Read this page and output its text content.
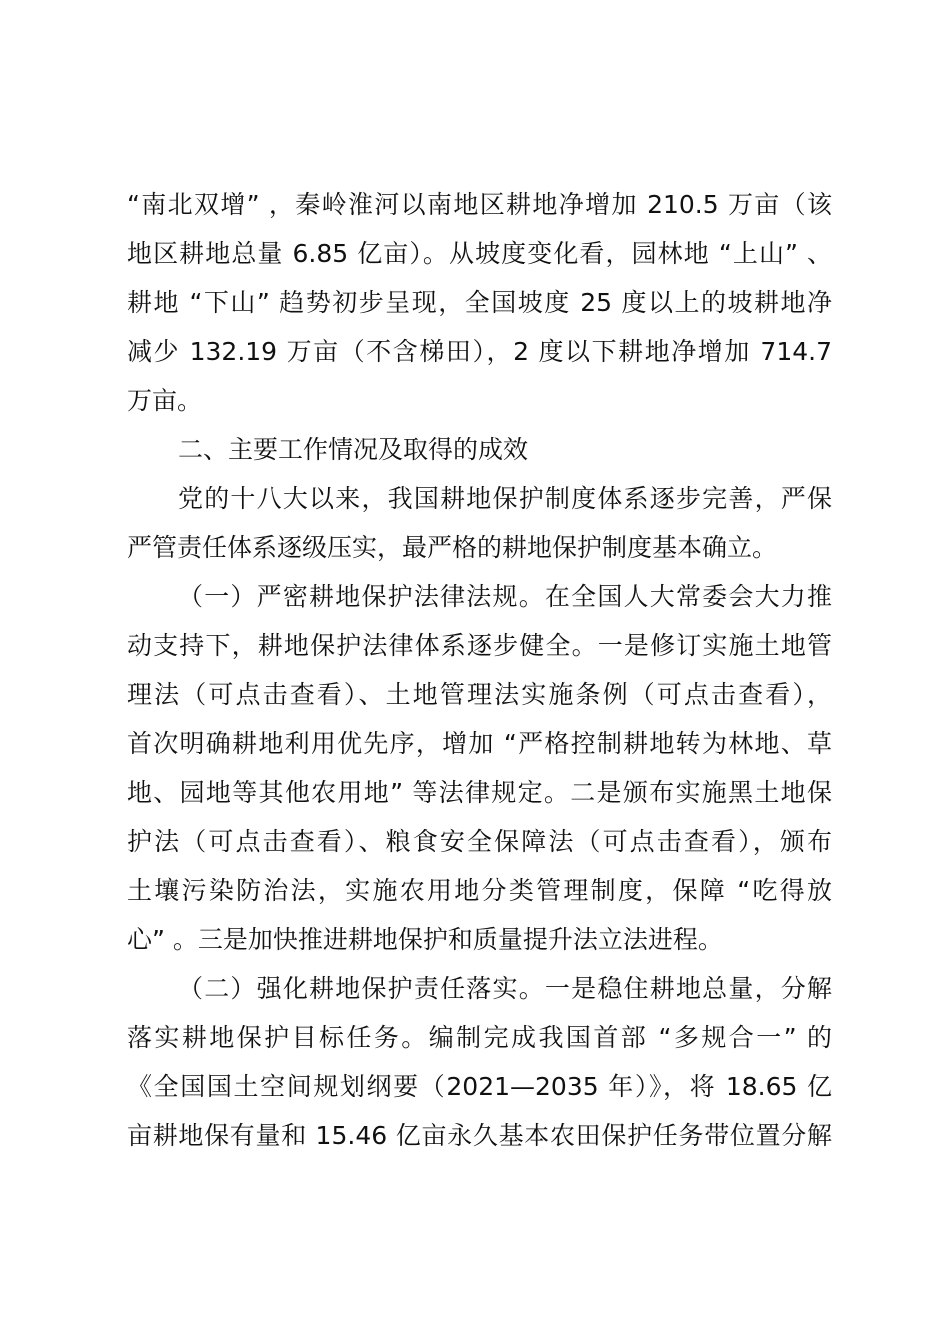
“南北双增” ，秦岭淮河以南地区耕地净增加 210.5 万亩（该
地区耕地总量 6.85 亿亩）。从坡度变化看，园林地 “上山” 、
耕地 “下山” 趋势初步呈现，全国坡度 25 度以上的坡耕地净
减少 132.19 万亩（不含梯田），2 度以下耕地净增加 714.7
万亩。
二、主要工作情况及取得的成效
党的十八大以来，我国耕地保护制度体系逐步完善，严保
严管责任体系逐级压实，最严格的耕地保护制度基本确立。
（一）严密耕地保护法律法规。在全国人大常委会大力推
动支持下，耕地保护法律体系逐步健全。一是修订实施土地管
理法（可点击查看）、土地管理法实施条例（可点击查看），
首次明确耕地利用优先序，增加 “严格控制耕地转为林地、草
地、园地等其他农用地” 等法律规定。二是颁布实施黑土地保
护法（可点击查看）、粮食安全保障法（可点击查看），颁布
土壤污染防治法，实施农用地分类管理制度，保障 “吃得放
心” 。三是加快推进耕地保护和质量提升法立法进程。
（二）强化耕地保护责任落实。一是稳住耕地总量，分解
落实耕地保护目标任务。编制完成我国首部 “多规合一” 的
《全国国土空间规划纲要（2021—2035 年）》，将 18.65 亿
亩耕地保有量和 15.46 亿亩永久基本农田保护任务带位置分解
